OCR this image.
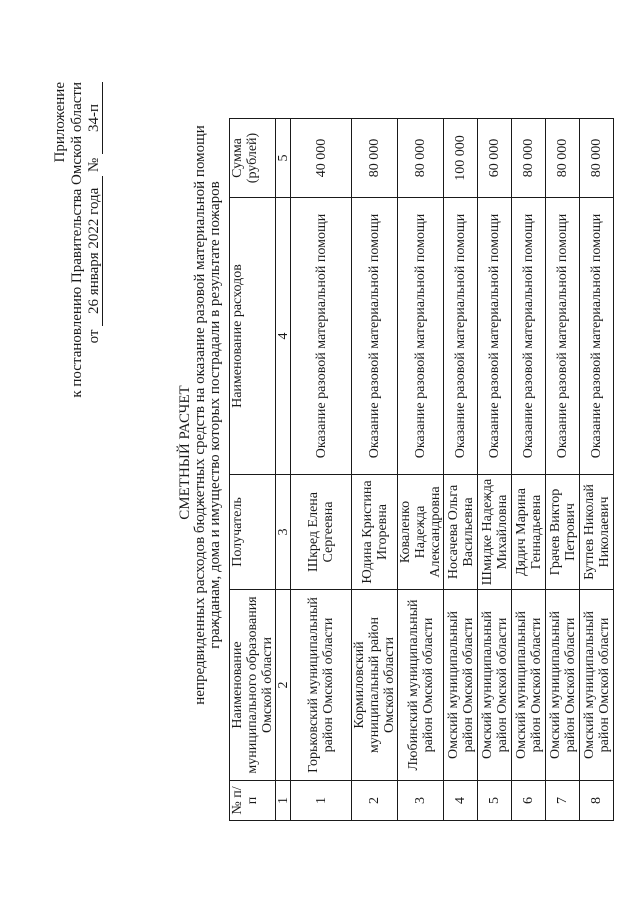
Приложение к постановлению Правительства Омской области от 26 января 2022 года № 34-п
СМЕТНЫЙ РАСЧЕТ непредвиденных расходов бюджетных средств на оказание разовой материальной помощи гражданам, дома и имущество которых пострадали в результате пожаров
№ п/п	Наименование муниципального образования Омской области	Получатель	Наименование расходов	Сумма (рублей)
1	2	3	4	5
1	Горьковский муниципальный район Омской области	Шкред Елена Сергеевна	Оказание разовой материальной помощи	40 000
2	Кормиловский муниципальный район Омской области	Юдина Кристина Игоревна	Оказание разовой материальной помощи	80 000
3	Любинский муниципальный район Омской области	Коваленко Надежда Александровна	Оказание разовой материальной помощи	80 000
4	Омский муниципальный район Омской области	Носачева Ольга Васильевна	Оказание разовой материальной помощи	100 000
5	Омский муниципальный район Омской области	Шмидке Надежда Михайловна	Оказание разовой материальной помощи	60 000
6	Омский муниципальный район Омской области	Дядич Марина Геннадьевна	Оказание разовой материальной помощи	80 000
7	Омский муниципальный район Омской области	Грачев Виктор Петрович	Оказание разовой материальной помощи	80 000
8	Омский муниципальный район Омской области	Бутпев Николай Николаевич	Оказание разовой материальной помощи	80 000
